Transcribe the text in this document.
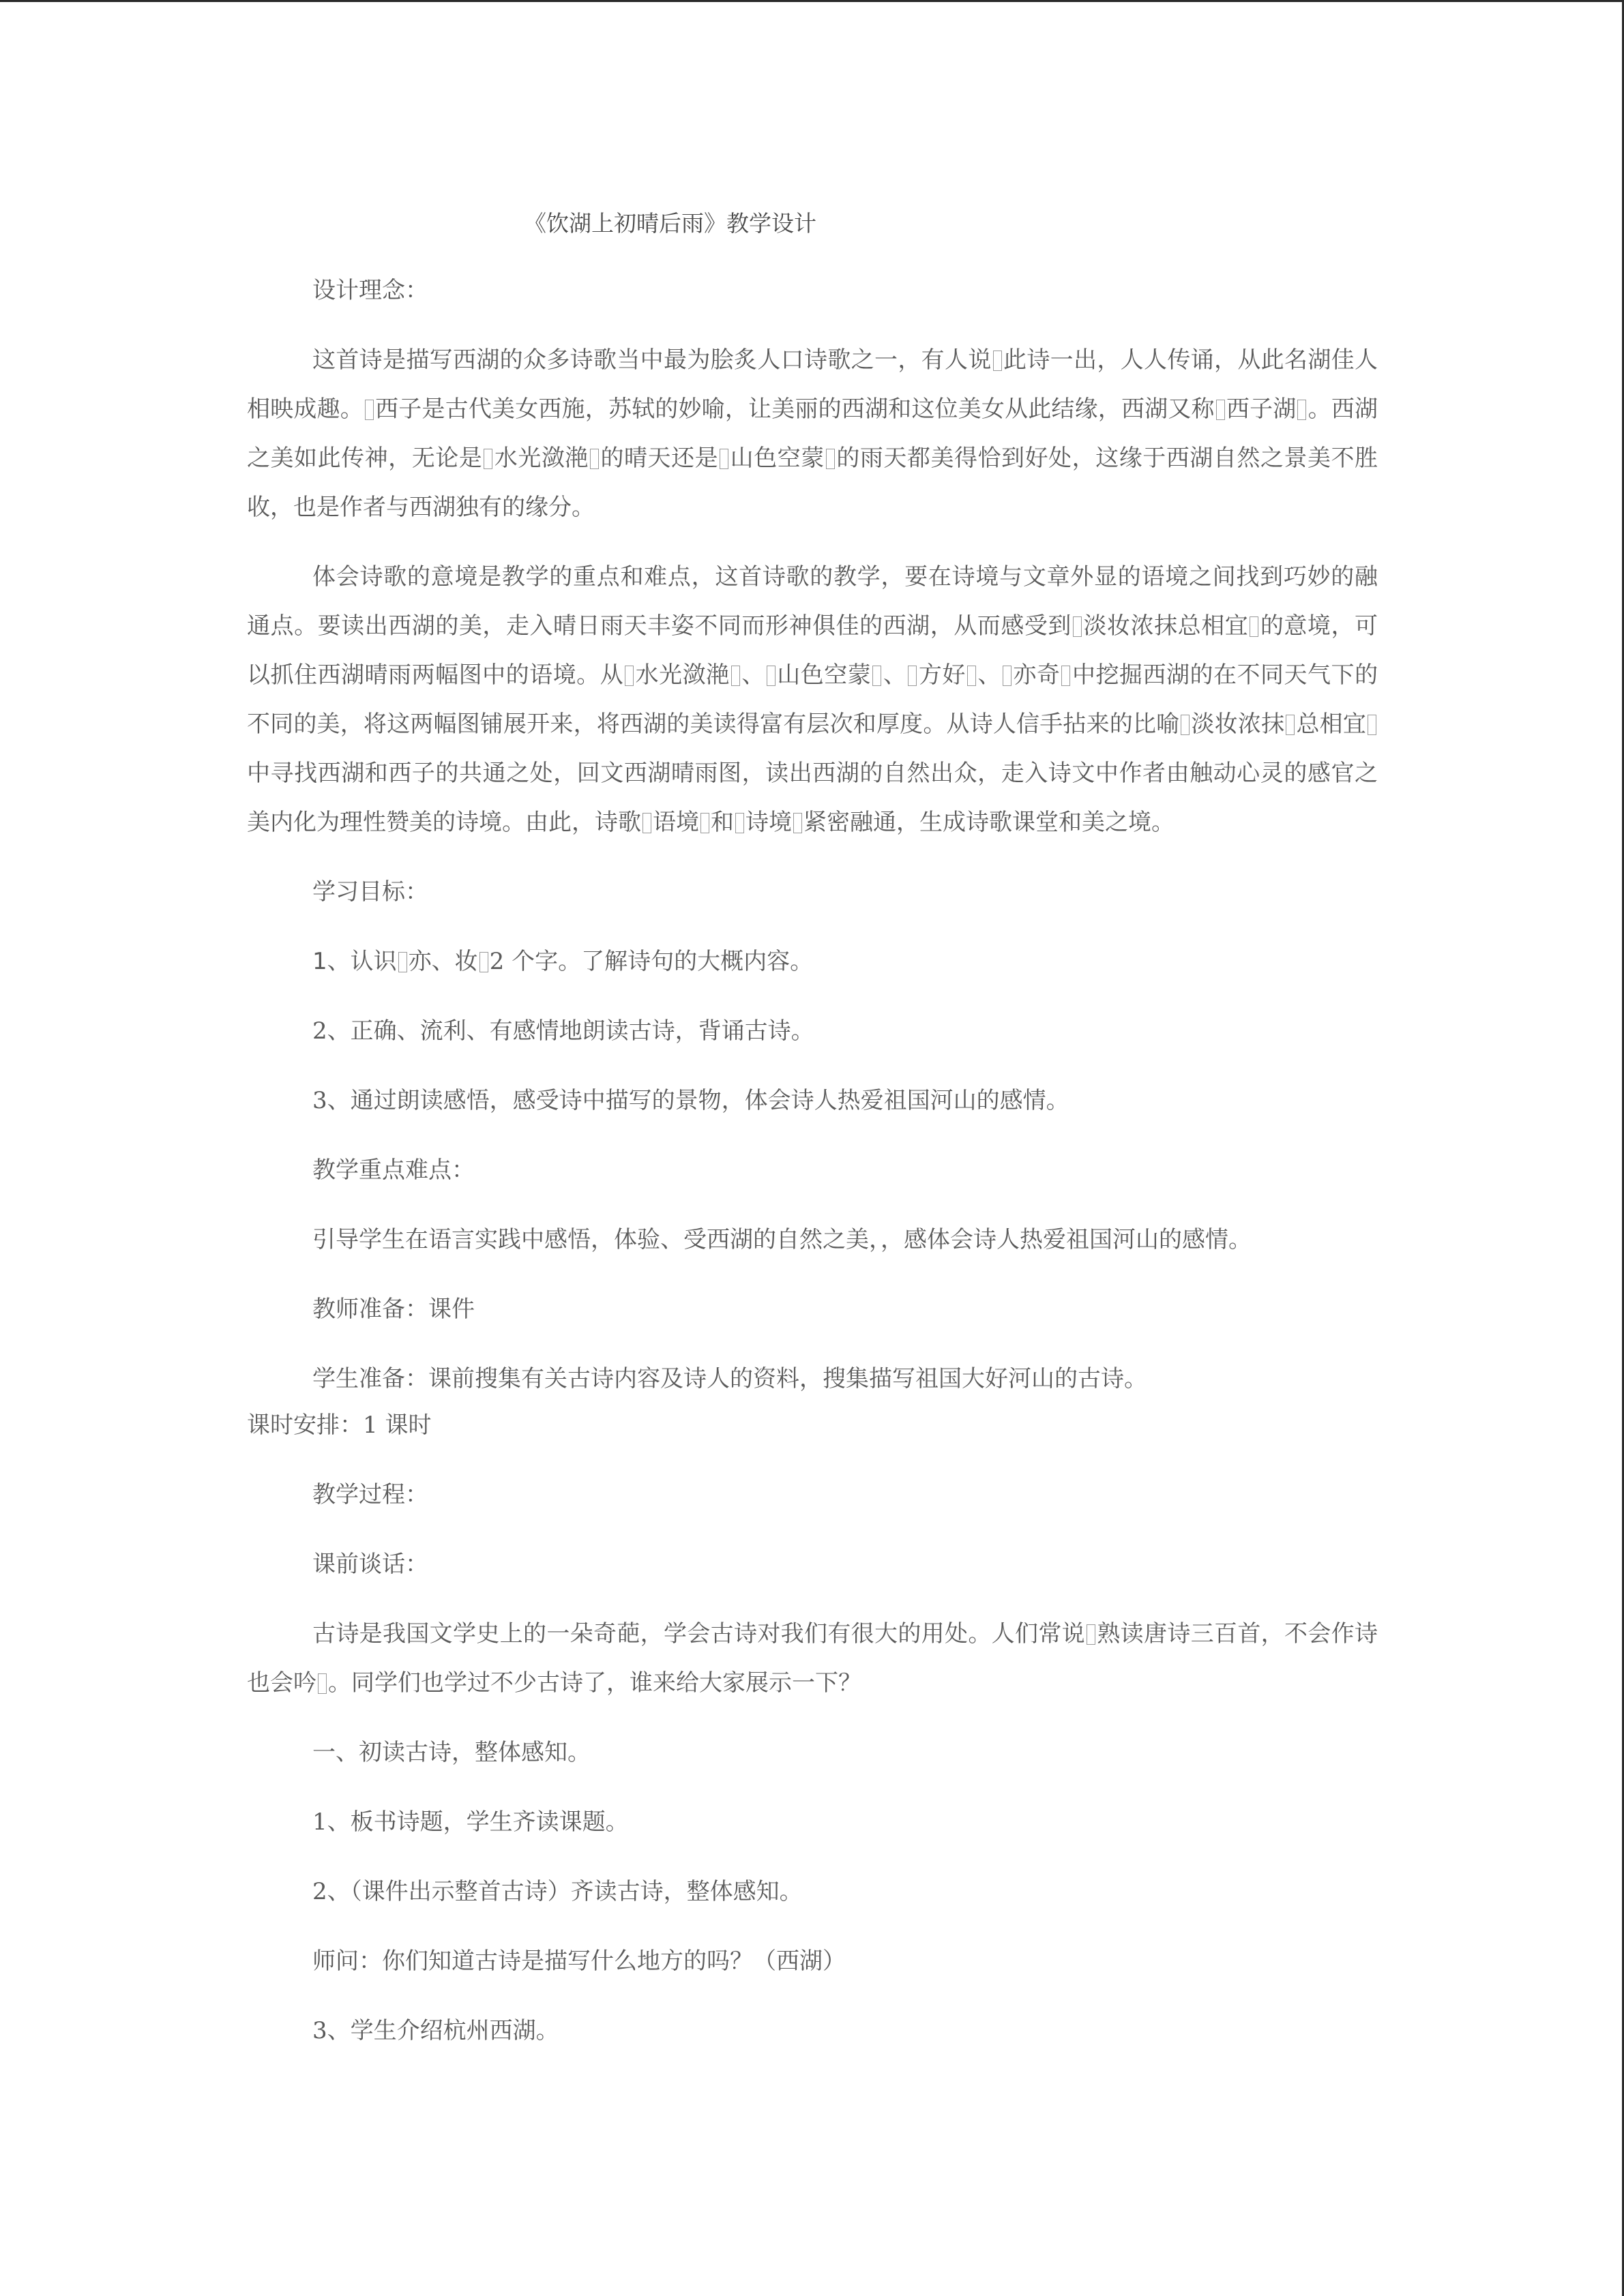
《饮湖上初晴后雨》教学设计

设计理念：

这首诗是描写西湖的众多诗歌当中最为脍炙人口诗歌之一，有人说 此诗一出，人人传诵，从此名湖佳人相映成趣。 西子是古代美女西施，苏轼的妙喻，让美丽的西湖和这位美女从此结缘，西湖又称 西子湖 。西湖之美如此传神，无论是 水光潋滟 的晴天还是 山色空蒙 的雨天都美得恰到好处，这缘于西湖自然之景美不胜收，也是作者与西湖独有的缘分。

体会诗歌的意境是教学的重点和难点，这首诗歌的教学，要在诗境与文章外显的语境之间找到巧妙的融通点。要读出西湖的美，走入晴日雨天丰姿不同而形神俱佳的西湖，从而感受到 淡妆浓抹总相宜 的意境，可以抓住西湖晴雨两幅图中的语境。从 水光潋滟 、 山色空蒙 、 方好 、 亦奇 中挖掘西湖的在不同天气下的不同的美，将这两幅图铺展开来，将西湖的美读得富有层次和厚度。从诗人信手拈来的比喻 淡妆浓抹 总相宜中寻找西湖和西子的共通之处，回文西湖晴雨图，读出西湖的自然出众，走入诗文中作者由触动心灵的感官之美内化为理性赞美的诗境。由此，诗歌 语境 和 诗境 紧密融通，生成诗歌课堂和美之境。

学习目标：

1、认识 亦、妆 2 个字。了解诗句的大概内容。

2、正确、流利、有感情地朗读古诗，背诵古诗。

3、通过朗读感悟，感受诗中描写的景物，体会诗人热爱祖国河山的感情。

教学重点难点：

引导学生在语言实践中感悟，体验、受西湖的自然之美，，感体会诗人热爱祖国河山的感情。

教师准备：课件

学生准备：课前搜集有关古诗内容及诗人的资料，搜集描写祖国大好河山的古诗。

课时安排：1 课时

教学过程：

课前谈话：

古诗是我国文学史上的一朵奇葩，学会古诗对我们有很大的用处。人们常说 熟读唐诗三百首，不会作诗也会吟 。同学们也学过不少古诗了，谁来给大家展示一下？

一、初读古诗，整体感知。

1、板书诗题，学生齐读课题。

2、（课件出示整首古诗）齐读古诗，整体感知。

师问：你们知道古诗是描写什么地方的吗？（西湖）

3、学生介绍杭州西湖。
